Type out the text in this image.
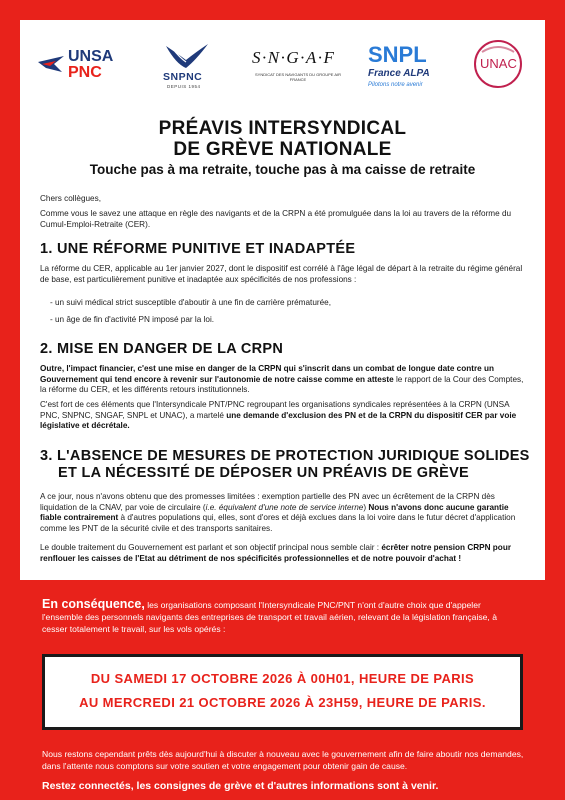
UNSA
PNC	SNPNC
DEPUIS 1954
S·N·G·A·F
SYNDICAT DES NAVIGANTS DU GROUPE AIR FRANCE
SNPL
France ALPA
Pilotons notre avenir
UNAC
PRÉAVIS INTERSYNDICAL
DE GRÈVE NATIONALE
Touche pas à ma retraite, touche pas à ma caisse de retraite
Chers collègues,
Comme vous le savez une attaque en règle des navigants et de la CRPN a été promulguée dans la loi au travers de la réforme du Cumul-Emploi-Retraite (CER).
1. UNE RÉFORME PUNITIVE ET INADAPTÉE
La réforme du CER, applicable au 1er janvier 2027, dont le dispositif est corrélé à l'âge légal de départ à la retraite du régime général de base, est particulièrement punitive et inadaptée aux spécificités de nos professions :
- un suivi médical strict susceptible d'aboutir à une fin de carrière prématurée,
- un âge de fin d'activité PN imposé par la loi.
2. MISE EN DANGER DE LA CRPN
Outre, l'impact financier, c'est une mise en danger de la CRPN qui s'inscrit dans un combat de longue date contre un Gouvernement qui tend encore à revenir sur l'autonomie de notre caisse comme en atteste le rapport de la Cour des Comptes, la réforme du CER, et les différents retours institutionnels.
C'est fort de ces éléments que l'Intersyndicale PNT/PNC regroupant les organisations syndicales représentées à la CRPN (UNSA PNC, SNPNC, SNGAF, SNPL et UNAC), a martelé une demande d'exclusion des PN et de la CRPN du dispositif CER par voie législative et décrétale.
3. L'ABSENCE DE MESURES DE PROTECTION JURIDIQUE SOLIDES
ET LA NÉCESSITÉ DE DÉPOSER UN PRÉAVIS DE GRÈVE
A ce jour, nous n'avons obtenu que des promesses limitées : exemption partielle des PN avec un écrêtement de la CRPN dès liquidation de la CNAV, par voie de circulaire (i.e. équivalent d'une note de service interne) Nous n'avons donc aucune garantie fiable contrairement à d'autres populations qui, elles, sont d'ores et déjà exclues dans la loi voire dans le futur décret d'application comme les PNT de la sécurité civile et des transports sanitaires.
Le double traitement du Gouvernement est parlant et son objectif principal nous semble clair : écrêter notre pension CRPN pour renflouer les caisses de l'Etat au détriment de nos spécificités professionnelles et de notre pouvoir d'achat !
En conséquence, les organisations composant l'Intersyndicale PNC/PNT n'ont d'autre choix que d'appeler l'ensemble des personnels navigants des entreprises de transport et travail aérien, relevant de la législation française, à cesser totalement le travail, sur les vols opérés :
DU SAMEDI 17 OCTOBRE 2026 À 00H01, HEURE DE PARIS
AU MERCREDI 21 OCTOBRE 2026 À 23H59, HEURE DE PARIS.
Nous restons cependant prêts dès aujourd'hui à discuter à nouveau avec le gouvernement afin de faire aboutir nos demandes, dans l'attente nous comptons sur votre soutien et votre engagement pour obtenir gain de cause.
Restez connectés, les consignes de grève et d'autres informations sont à venir.
